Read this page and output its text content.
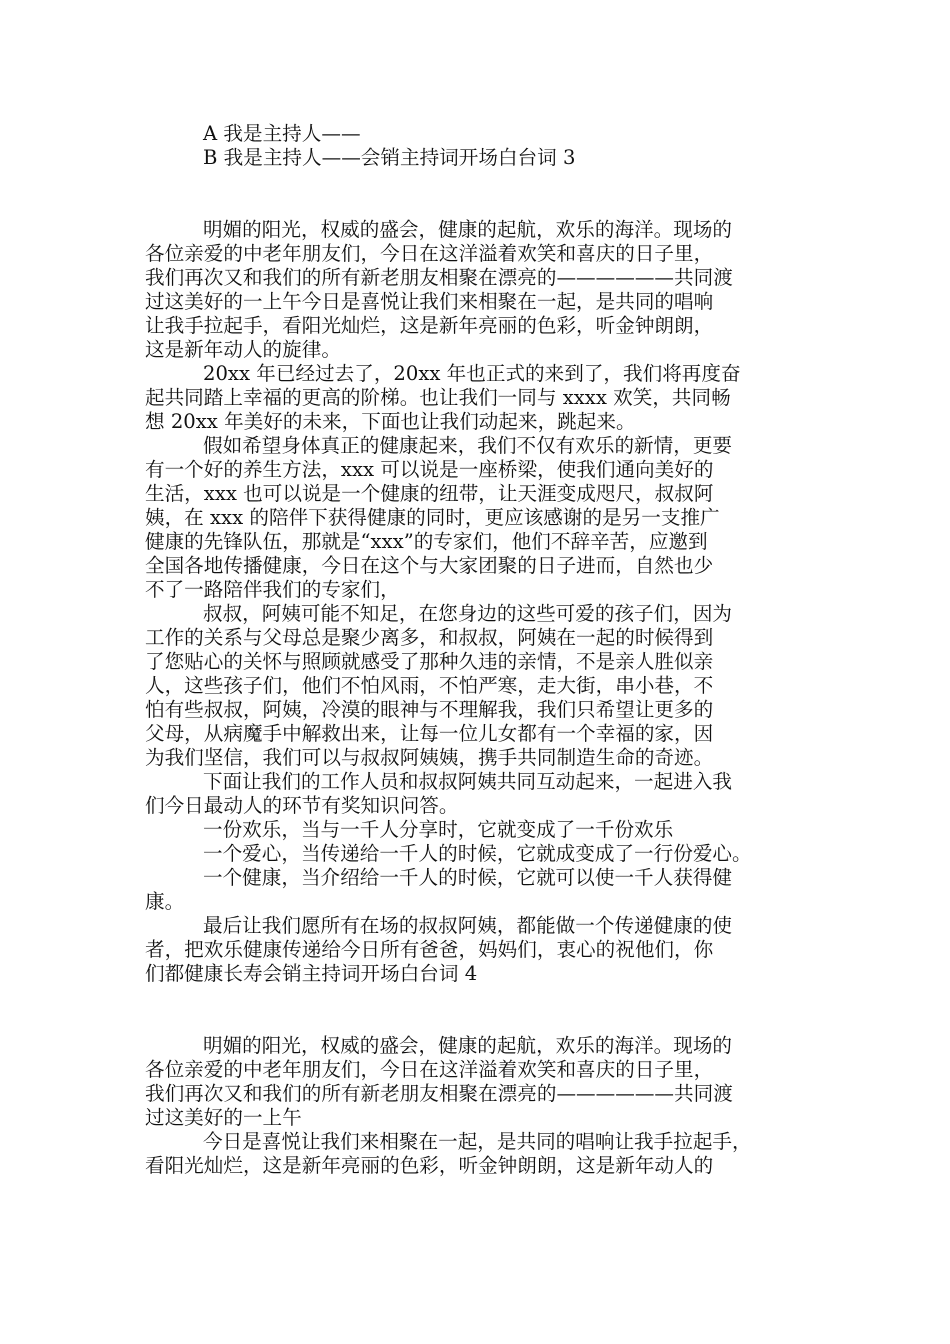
A 我是主持人——
B 我是主持人——会销主持词开场白台词 3
明媚的阳光，权威的盛会，健康的起航，欢乐的海洋。现场的
各位亲爱的中老年朋友们，今日在这洋溢着欢笑和喜庆的日子里，
我们再次又和我们的所有新老朋友相聚在漂亮的——————共同渡
过这美好的一上午今日是喜悦让我们来相聚在一起，是共同的唱响
让我手拉起手，看阳光灿烂，这是新年亮丽的色彩，听金钟朗朗，
这是新年动人的旋律。
20xx 年已经过去了，20xx 年也正式的来到了，我们将再度奋
起共同踏上幸福的更高的阶梯。也让我们一同与 xxxx 欢笑，共同畅
想 20xx 年美好的未来，下面也让我们动起来，跳起来。
假如希望身体真正的健康起来，我们不仅有欢乐的新情，更要
有一个好的养生方法，xxx 可以说是一座桥梁，使我们通向美好的
生活，xxx 也可以说是一个健康的纽带，让天涯变成咫尺，叔叔阿
姨，在 xxx 的陪伴下获得健康的同时，更应该感谢的是另一支推广
健康的先锋队伍，那就是“xxx”的专家们，他们不辞辛苦，应邀到
全国各地传播健康，今日在这个与大家团聚的日子进而，自然也少
不了一路陪伴我们的专家们，
叔叔，阿姨可能不知足，在您身边的这些可爱的孩子们，因为
工作的关系与父母总是聚少离多，和叔叔，阿姨在一起的时候得到
了您贴心的关怀与照顾就感受了那种久违的亲情，不是亲人胜似亲
人，这些孩子们，他们不怕风雨，不怕严寒，走大街，串小巷，不
怕有些叔叔，阿姨，冷漠的眼神与不理解我，我们只希望让更多的
父母，从病魔手中解救出来，让每一位儿女都有一个幸福的家，因
为我们坚信，我们可以与叔叔阿姨姨，携手共同制造生命的奇迹。
下面让我们的工作人员和叔叔阿姨共同互动起来，一起进入我
们今日最动人的环节有奖知识问答。
一份欢乐，当与一千人分享时，它就变成了一千份欢乐
一个爱心，当传递给一千人的时候，它就成变成了一行份爱心。
一个健康，当介绍给一千人的时候，它就可以使一千人获得健
康。
最后让我们愿所有在场的叔叔阿姨，都能做一个传递健康的使
者，把欢乐健康传递给今日所有爸爸，妈妈们，衷心的祝他们，你
们都健康长寿会销主持词开场白台词 4
明媚的阳光，权威的盛会，健康的起航，欢乐的海洋。现场的
各位亲爱的中老年朋友们，今日在这洋溢着欢笑和喜庆的日子里，
我们再次又和我们的所有新老朋友相聚在漂亮的——————共同渡
过这美好的一上午
今日是喜悦让我们来相聚在一起，是共同的唱响让我手拉起手，
看阳光灿烂，这是新年亮丽的色彩，听金钟朗朗，这是新年动人的
